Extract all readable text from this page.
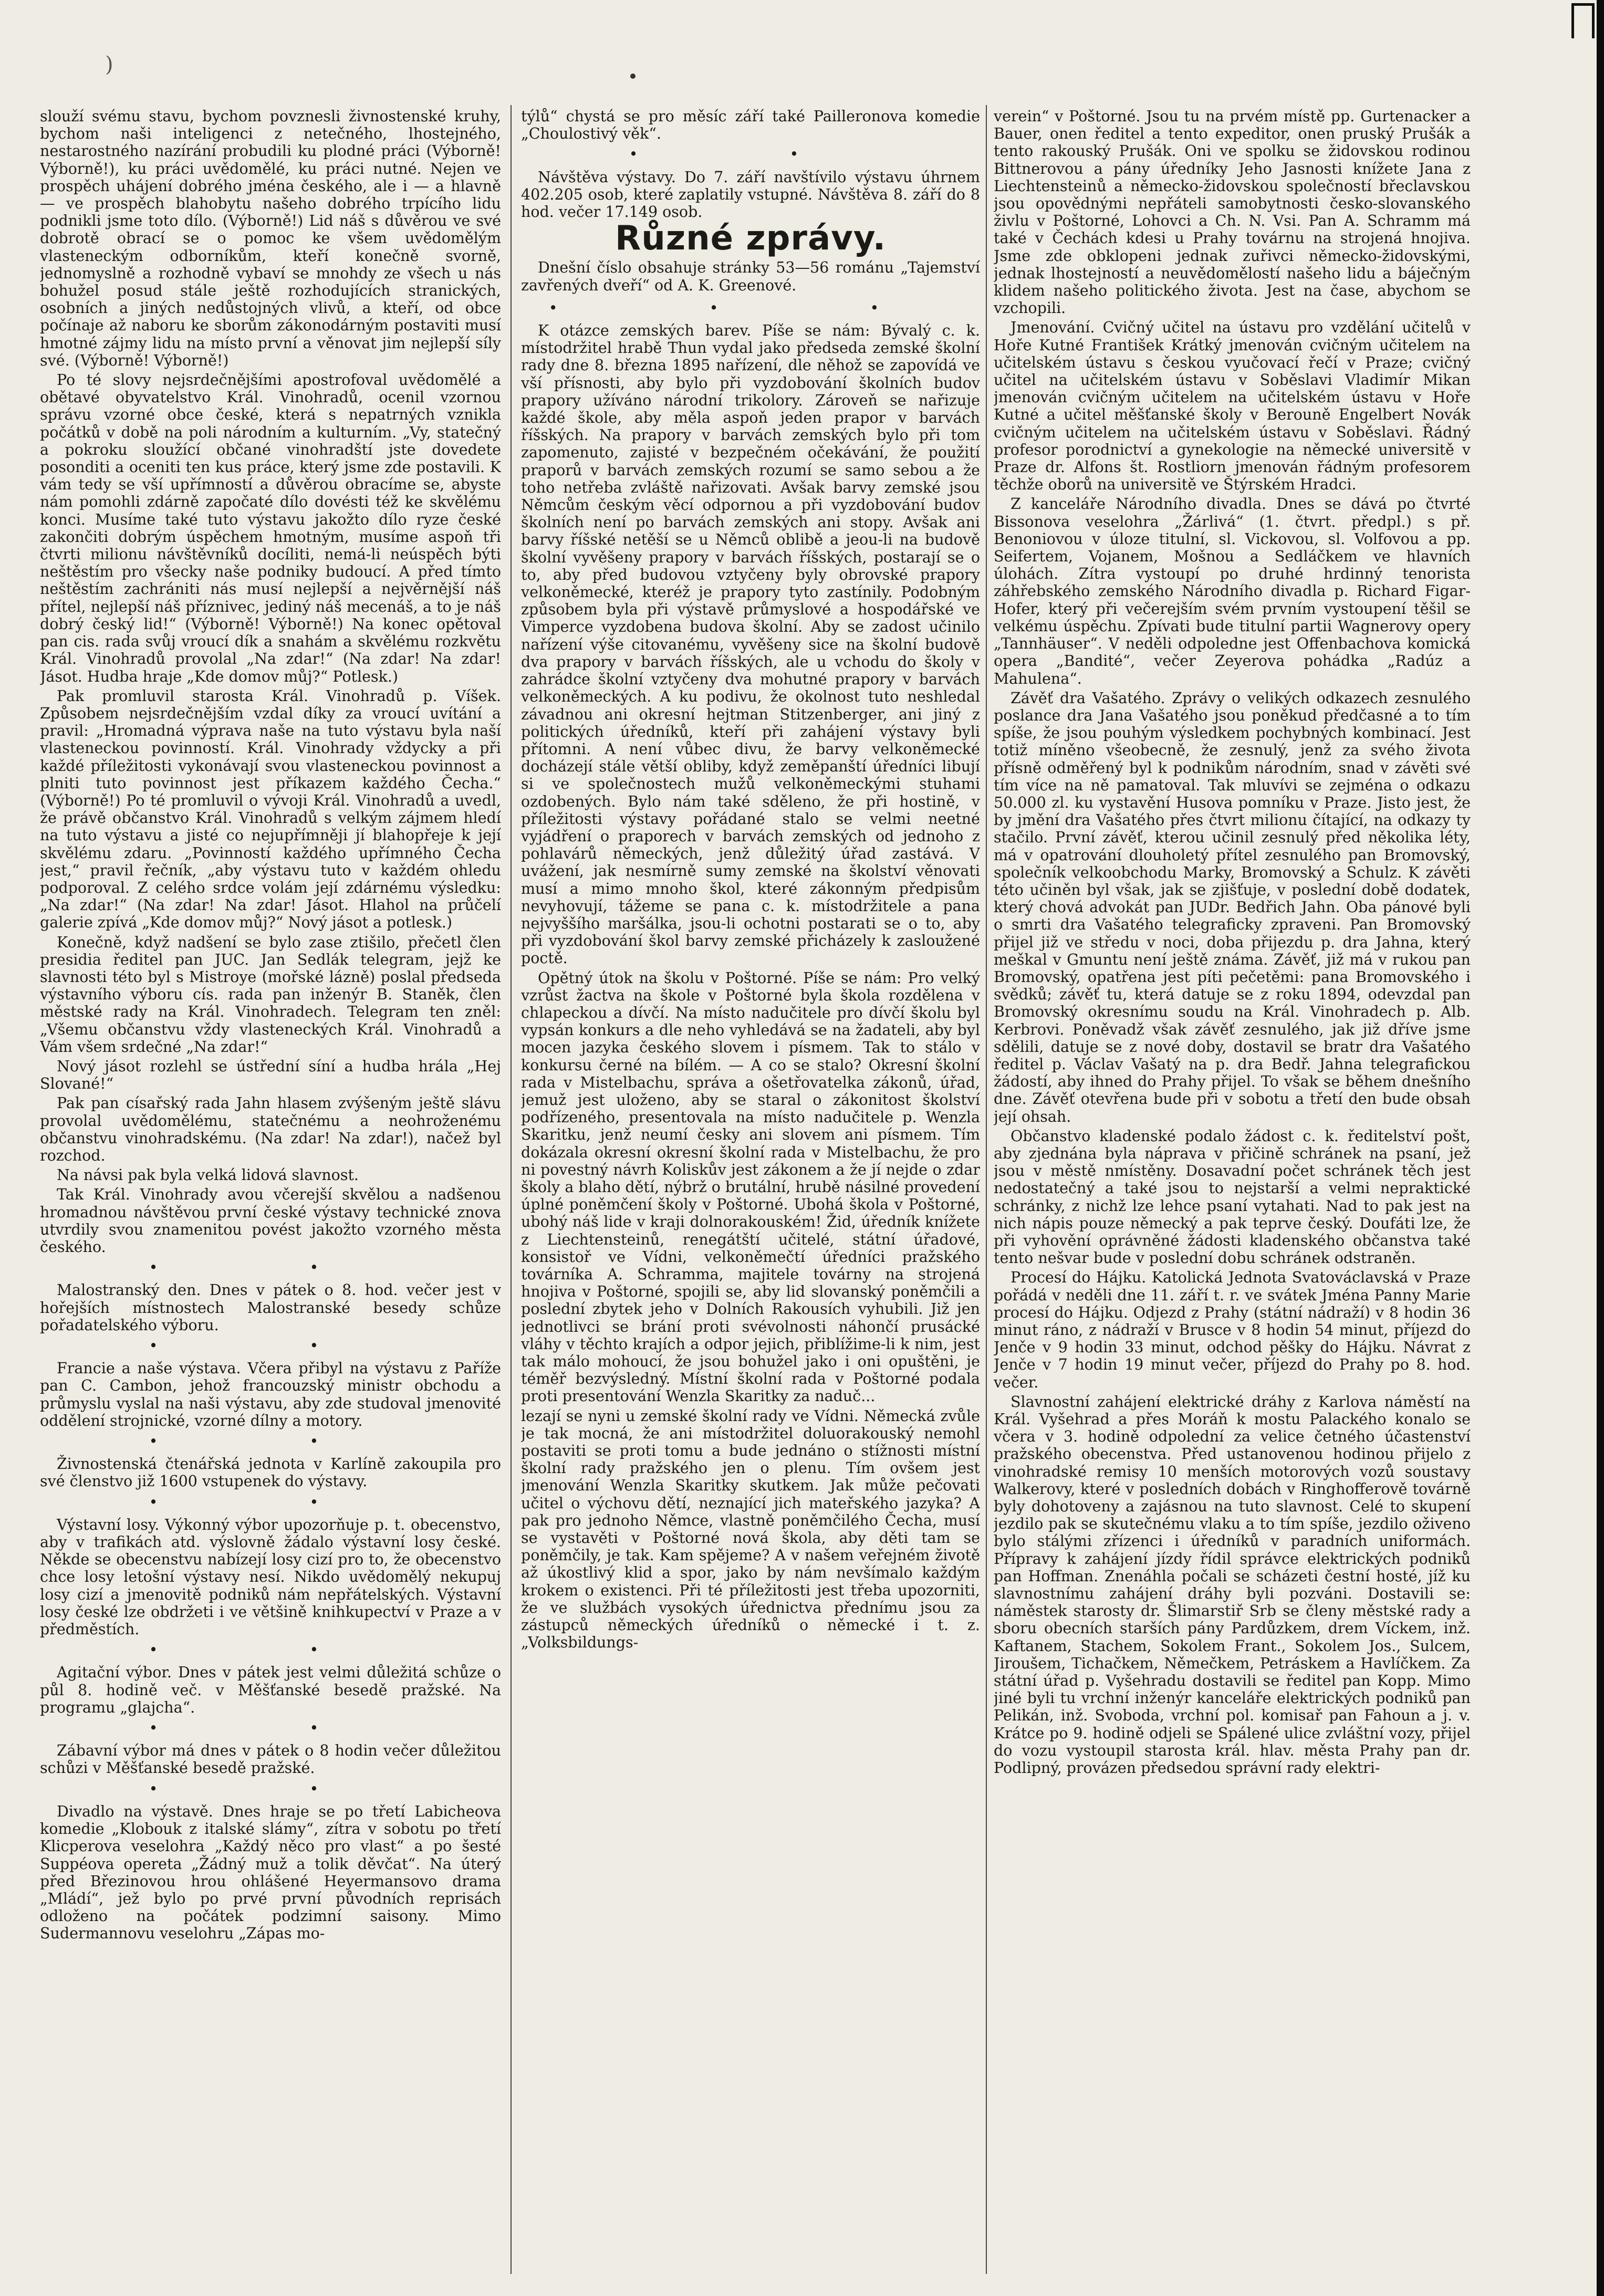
)

slouží svému stavu, bychom povznesli živnostenské kruhy, bychom naši inteligenci z netečného, lhostejného, nestarostného nazírání probudili ku plodné práci (Výborně! Výborně!), ku práci uvědomělé, ku práci nutné. Nejen ve prospěch uhájení dobrého jména českého, ale i — a hlavně — ve prospěch blahobytu našeho dobrého trpícího lidu podnikli jsme toto dílo. (Výborně!) Lid náš s důvěrou ve své dobrotě obrací se o pomoc ke všem uvědomělým vlasteneckým odborníkům, kteří konečně svorně, jednomyslně a rozhodně vybaví se mnohdy ze všech u nás bohužel posud stále ještě rozhodujících stranických, osobních a jiných nedůstojných vlivů, a kteří, od obce počínaje až naboru ke sborům zákonodárným postaviti musí hmotné zájmy lidu na místo první a věnovat jim nejlepší síly své. (Výborně! Výborně!)

Po té slovy nejsrdečnějšími apostrofoval uvědomělé a obětavé obyvatelstvo Král. Vinohradů, ocenil vzornou správu vzorné obce české, která s nepatrných vznikla počátků v době na poli národním a kulturním. „Vy, statečný a pokroku sloužící občané vinohradští jste dovedete posonditi a oceniti ten kus práce, který jsme zde postavili. K vám tedy se vší upřímností a důvěrou obracíme se, abyste nám pomohli zdárně započaté dílo dovésti též ke skvělému konci. Musíme také tuto výstavu jakožto dílo ryze české zakončiti dobrým úspěchem hmotným, musíme aspoň tři čtvrti milionu návštěvníků docíliti, nemá-li neúspěch býti neštěstím pro všecky naše podniky budoucí. A před tímto neštěstím zachrániti nás musí nejlepší a nejvěrnější náš přítel, nejlepší náš příznivec, jediný náš mecenáš, a to je náš dobrý český lid!“ (Výborně! Výborně!) Na konec opětoval pan cis. rada svůj vroucí dík a snahám a skvělému rozkvětu Král. Vinohradů provolal „Na zdar!“ (Na zdar! Na zdar! Jásot. Hudba hraje „Kde domov můj?“ Potlesk.)

Pak promluvil starosta Král. Vinohradů p. Víšek. Způsobem nejsrdečnějším vzdal díky za vroucí uvítání a pravil: „Hromadná výprava naše na tuto výstavu byla naší vlasteneckou povinností. Král. Vinohrady vždycky a při každé příležitosti vykonávají svou vlasteneckou povinnost a plniti tuto povinnost jest příkazem každého Čecha.“ (Výborně!) Po té promluvil o vývoji Král. Vinohradů a uvedl, že právě občanstvo Král. Vinohradů s velkým zájmem hledí na tuto výstavu a jisté co nejupřímněji jí blahopřeje k její skvělému zdaru. „Povinností každého upřímného Čecha jest,“ pravil řečník, „aby výstavu tuto v každém ohledu podporoval. Z celého srdce volám její zdárnému výsledku: „Na zdar!“ (Na zdar! Na zdar! Jásot. Hlahol na průčelí galerie zpívá „Kde domov můj?“ Nový jásot a potlesk.)

Konečně, když nadšení se bylo zase ztišilo, přečetl člen presidia ředitel pan JUC. Jan Sedlák telegram, jejž ke slavnosti této byl s Mistroye (mořské lázně) poslal předseda výstavního výboru cís. rada pan inženýr B. Staněk, člen městské rady na Král. Vinohradech. Telegram ten zněl: „Všemu občanstvu vždy vlasteneckých Král. Vinohradů a Vám všem srdečné „Na zdar!“

Nový jásot rozlehl se ústřední síní a hudba hrála „Hej Slované!“

Pak pan císařský rada Jahn hlasem zvýšeným ještě slávu provolal uvědomělému, statečnému a neohroženému občanstvu vinohradskému. (Na zdar! Na zdar!), načež byl rozchod.

Na návsi pak byla velká lidová slavnost.

Tak Král. Vinohrady avou včerejší skvělou a nadšenou hromadnou návštěvou první české výstavy technické znova utvrdily svou znamenitou povést jakožto vzorného města českého.

• •

Malostranský den. Dnes v pátek o 8. hod. večer jest v hořejších místnostech Malostranské besedy schůze pořadatelského výboru.

• •

Francie a naše výstava. Včera přibyl na výstavu z Paříže pan C. Cambon, jehož francouzský ministr obchodu a průmyslu vyslal na naši výstavu, aby zde studoval jmenovité oddělení strojnické, vzorné dílny a motory.

• •

Živnostenská čtenářská jednota v Karlíně zakoupila pro své členstvo již 1600 vstupenek do výstavy.

• •

Výstavní losy. Výkonný výbor upozorňuje p. t. obecenstvo, aby v trafikách atd. výslovně žádalo výstavní losy české. Někde se obecenstvu nabízejí losy cizí pro to, že obecenstvo chce losy letošní výstavy nesí. Nikdo uvědomělý nekupuj losy cizí a jmenovitě podniků nám nepřátelských. Výstavní losy české lze obdržeti i ve většině knihkupectví v Praze a v předměstích.

• •

Agitační výbor. Dnes v pátek jest velmi důležitá schůze o půl 8. hodině več. v Měšťanské besedě pražské. Na programu „glajcha“.

• •

Zábavní výbor má dnes v pátek o 8 hodin večer důležitou schůzi v Měšťanské besedě pražské.

• •

Divadlo na výstavě. Dnes hraje se po třetí Labicheova komedie „Klobouk z italské slámy“, zítra v sobotu po třetí Klicperova veselohra „Každý něco pro vlast“ a po šesté Suppéova opereta „Žádný muž a tolik děvčat“. Na úterý před Březinovou hrou ohlášené Heyermansovo drama „Mládí“, jež bylo po prvé první původních reprisách odloženo na počátek podzimní saisony. Mimo Sudermannovu veselohru „Zápas mo-

týlů“ chystá se pro měsíc září také Pailleronova komedie „Choulostivý věk“.

• •

Návštěva výstavy. Do 7. září navštívilo výstavu úhrnem 402.205 osob, které zaplatily vstupné. Návštěva 8. září do 8 hod. večer 17.149 osob.

Různé zprávy.

Dnešní číslo obsahuje stránky 53—56 románu „Tajemství zavřených dveří“ od A. K. Greenové.

• • •

K otázce zemských barev. Píše se nám: Bývalý c. k. místodržitel hrabě Thun vydal jako předseda zemské školní rady dne 8. března 1895 nařízení, dle něhož se zapovídá ve vší přísnosti, aby bylo při vyzdobování školních budov prapory užíváno národní trikolory. Zároveň se nařizuje každé škole, aby měla aspoň jeden prapor v barvách říšských. Na prapory v barvách zemských bylo při tom zapomenuto, zajisté v bezpečném očekávání, že použití praporů v barvách zemských rozumí se samo sebou a že toho netřeba zvláště nařizovati. Avšak barvy zemské jsou Němcům českým věcí odpornou a při vyzdobování budov školních není po barvách zemských ani stopy. Avšak ani barvy říšské netěší se u Němců oblibě a jeou-li na budově školní vyvěšeny prapory v barvách říšských, postarají se o to, aby před budovou vztyčeny byly obrovské prapory velkoněmecké, kteréž je prapory tyto zastínily. Podobným způsobem byla při výstavě průmyslové a hospodářské ve Vimperce vyzdobena budova školní. Aby se zadost učinilo nařízení výše citovanému, vyvěšeny sice na školní budově dva prapory v barvách říšských, ale u vchodu do školy v zahrádce školní vztyčeny dva mohutné prapory v barvách velkoněmeckých. A ku podivu, že okolnost tuto neshledal závadnou ani okresní hejtman Stitzenberger, ani jiný z politických úředníků, kteří při zahájení výstavy byli přítomni. A není vůbec divu, že barvy velkoněmecké docházejí stále větší obliby, když zeměpanští úředníci libují si ve společnostech mužů velkoněmeckými stuhami ozdobených. Bylo nám také sděleno, že při hostině, v příležitosti výstavy pořádané stalo se velmi neetné vyjádření o praporech v barvách zemských od jednoho z pohlavárů německých, jenž důležitý úřad zastává. V uvážení, jak nesmírně sumy zemské na školství věnovati musí a mimo mnoho škol, které zákonným předpisům nevyhovují, tážeme se pana c. k. místodržitele a pana nejvyššího maršálka, jsou-li ochotni postarati se o to, aby při vyzdobování škol barvy zemské přicházely k zasloužené poctě.

Opětný útok na školu v Poštorné. Píše se nám: Pro velký vzrůst žactva na škole v Poštorné byla škola rozdělena v chlapeckou a dívčí. Na místo nadučitele pro dívčí školu byl vypsán konkurs a dle neho vyhledává se na žadateli, aby byl mocen jazyka českého slovem i písmem. Tak to stálo v konkursu černé na bílém. — A co se stalo? Okresní školní rada v Mistelbachu, správa a ošetřovatelka zákonů, úřad, jemuž jest uloženo, aby se staral o zákonitost školství podřízeného, presentovala na místo nadučitele p. Wenzla Skaritku, jenž neumí česky ani slovem ani písmem. Tím dokázala okresní okresní školní rada v Mistelbachu, že pro ni povestný návrh Koliskův jest zákonem a že jí nejde o zdar školy a blaho dětí, nýbrž o brutální, hrubě násilné provedení úplné poněmčení školy v Poštorné. Ubohá škola v Poštorné, ubohý náš lide v kraji dolnorakouském! Žid, úředník knížete z Liechtensteinů, renegátští učitelé, státní úřadové, konsistoř ve Vídni, velkoněmečtí úředníci pražského továrníka A. Schramma, majitele továrny na strojená hnojiva v Poštorné, spojili se, aby lid slovanský poněmčili a poslední zbytek jeho v Dolních Rakousích vyhubili. Již jen jednotlivci se brání proti svévolnosti náhončí prusácké vláhy v těchto krajích a odpor jejich, přiblížime-li k nim, jest tak málo mohoucí, že jsou bohužel jako i oni opuštěni, je téměř bezvýsledný. Místní školní rada v Poštorné podala proti presentování Wenzla Skaritky za naduč...

lezají se nyni u zemské školní rady ve Vídni. Německá zvůle je tak mocná, že ani místodržitel doluorakouský nemohl postaviti se proti tomu a bude jednáno o stížnosti místní školní rady pražského jen o plenu. Tím ovšem jest jmenování Wenzla Skaritky skutkem. Jak může pečovati učitel o výchovu dětí, neznající jich mateřského jazyka? A pak pro jednoho Němce, vlastně poněmčilého Čecha, musí se vystavěti v Poštorné nová škola, aby děti tam se poněmčily, je tak. Kam spějeme? A v našem veřejném životě až úkostlivý klid a spor, jako by nám nevšímalo každým krokem o existenci. Při té příležitosti jest třeba upozorniti, že ve službách vysokých úřednictva přednímu jsou za zástupců německých úředníků o německé i t. z. „Volksbildungs-

verein“ v Poštorné. Jsou tu na prvém místě pp. Gurtenacker a Bauer, onen ředitel a tento expeditor, onen pruský Prušák a tento rakouský Prušák. Oni ve spolku se židovskou rodinou Bittnerovou a pány úředníky Jeho Jasnosti knížete Jana z Liechtensteinů a německo-židovskou společností břeclavskou jsou opovědnými nepřáteli samobytnosti česko-slovanského živlu v Poštorné, Lohovci a Ch. N. Vsi. Pan A. Schramm má také v Čechách kdesi u Prahy továrnu na strojená hnojiva. Jsme zde obklopeni jednak zuřivci německo-židovskými, jednak lhostejností a neuvědomělostí našeho lidu a báječným klidem našeho politického života. Jest na čase, abychom se vzchopili.

Jmenování. Cvičný učitel na ústavu pro vzdělání učitelů v Hoře Kutné František Krátký jmenován cvičným učitelem na učitelském ústavu s českou vyučovací řečí v Praze; cvičný učitel na učitelském ústavu v Soběslavi Vladimír Mikan jmenován cvičným učitelem na učitelském ústavu v Hoře Kutné a učitel měšťanské školy v Berouně Engelbert Novák cvičným učitelem na učitelském ústavu v Soběslavi. Řádný profesor porodnictví a gynekologie na německé universitě v Praze dr. Alfons št. Rostliorn jmenován řádným profesorem těchže oborů na universitě ve Štýrském Hradci.

Z kanceláře Národního divadla. Dnes se dává po čtvrté Bissonova veselohra „Žárlivá“ (1. čtvrt. předpl.) s př. Benoniovou v úloze titulní, sl. Vickovou, sl. Volfovou a pp. Seifertem, Vojanem, Mošnou a Sedláčkem ve hlavních úlohách. Zítra vystoupí po druhé hrdinný tenorista záhřebského zemského Národního divadla p. Richard Figar-Hofer, který při večerejším svém prvním vystoupení těšil se velkému úspěchu. Zpívati bude titulní partii Wagnerovy opery „Tannhäuser“. V neděli odpoledne jest Offenbachova komická opera „Bandité“, večer Zeyerova pohádka „Radúz a Mahulena“.

Závěť dra Vašatého. Zprávy o velikých odkazech zesnulého poslance dra Jana Vašatého jsou poněkud předčasné a to tím spíše, že jsou pouhým výsledkem pochybných kombinací. Jest totiž míněno všeobecně, že zesnulý, jenž za svého života přísně odměřený byl k podnikům národním, snad v závěti své tím více na ně pamatoval. Tak mluvívi se zejména o odkazu 50.000 zl. ku vystavění Husova pomníku v Praze. Jisto jest, že by jmění dra Vašatého přes čtvrt milionu čítající, na odkazy ty stačilo. První závěť, kterou učinil zesnulý před několika léty, má v opatrování dlouholetý přítel zesnulého pan Bromovský, společník velkoobchodu Marky, Bromovský a Schulz. K závěti této učiněn byl však, jak se zjišťuje, v poslední době dodatek, který chová advokát pan JUDr. Bedřich Jahn. Oba pánové byli o smrti dra Vašatého telegraficky zpraveni. Pan Bromovský přijel již ve středu v noci, doba přijezdu p. dra Jahna, který meškal v Gmuntu není ještě známa. Závěť, již má v rukou pan Bromovský, opatřena jest píti pečetěmi: pana Bromovského i svědků; závěť tu, která datuje se z roku 1894, odevzdal pan Bromovský okresnímu soudu na Král. Vinohradech p. Alb. Kerbrovi. Poněvadž však závěť zesnulého, jak již dříve jsme sdělili, datuje se z nové doby, dostavil se bratr dra Vašatého ředitel p. Václav Vašatý na p. dra Bedř. Jahna telegrafickou žádostí, aby ihned do Prahy přijel. To však se během dnešního dne. Závěť otevřena bude při v sobotu a třetí den bude obsah její ohsah.

Občanstvo kladenské podalo žádost c. k. ředitelství pošt, aby zjednána byla náprava v přičině schránek na psaní, jež jsou v městě nmístěny. Dosavadní počet schránek těch jest nedostatečný a také jsou to nejstarší a velmi nepraktické schránky, z nichž lze lehce psaní vytahati. Nad to pak jest na nich nápis pouze německý a pak teprve český. Doufáti lze, že při vyhovění oprávněné žádosti kladenského občanstva také tento nešvar bude v poslední dobu schránek odstraněn.

Procesí do Hájku. Katolická Jednota Svatováclavská v Praze pořádá v neděli dne 11. září t. r. ve svátek Jména Panny Marie procesí do Hájku. Odjezd z Prahy (státní nádraží) v 8 hodin 36 minut ráno, z nádraží v Brusce v 8 hodin 54 minut, příjezd do Jenče v 9 hodin 33 minut, odchod pěšky do Hájku. Návrat z Jenče v 7 hodin 19 minut večer, příjezd do Prahy po 8. hod. večer.

Slavnostní zahájení elektrické dráhy z Karlova náměstí na Král. Vyšehrad a přes Moráň k mostu Palackého konalo se včera v 3. hodině odpolední za velice četného účastenství pražského obecenstva. Před ustanovenou hodinou přijelo z vinohradské remisy 10 menších motorových vozů soustavy Walkerovy, které v posledních dobách v Ringhofferově továrně byly dohotoveny a zajásnou na tuto slavnost. Celé to skupení jezdilo pak se skutečnému vlaku a to tím spíše, jezdilo oživeno bylo stálými zřízenci i úředníků v paradních uniformách. Přípravy k zahájení jízdy řídil správce elektrických podniků pan Hoffman. Znenáhla počali se scházeti čestní hosté, jíž ku slavnostnímu zahájení dráhy byli pozváni. Dostavili se: náměstek starosty dr. Šlimarstiř Srb se členy městské rady a sboru obecních starších pány Pardůzkem, drem Víckem, inž. Kaftanem, Stachem, Sokolem Frant., Sokolem Jos., Sulcem, Jiroušem, Tichačkem, Němečkem, Petráskem a Havlíčkem. Za státní úřad p. Vyšehradu dostavili se ředitel pan Kopp. Mimo jiné byli tu vrchní inženýr kanceláře elektrických podniků pan Pelikán, inž. Svoboda, vrchní pol. komisař pan Fahoun a j. v. Krátce po 9. hodině odjeli se Spálené ulice zvláštní vozy, přijel do vozu vystoupil starosta král. hlav. města Prahy pan dr. Podlipný, provázen předsedou správní rady elektri-
